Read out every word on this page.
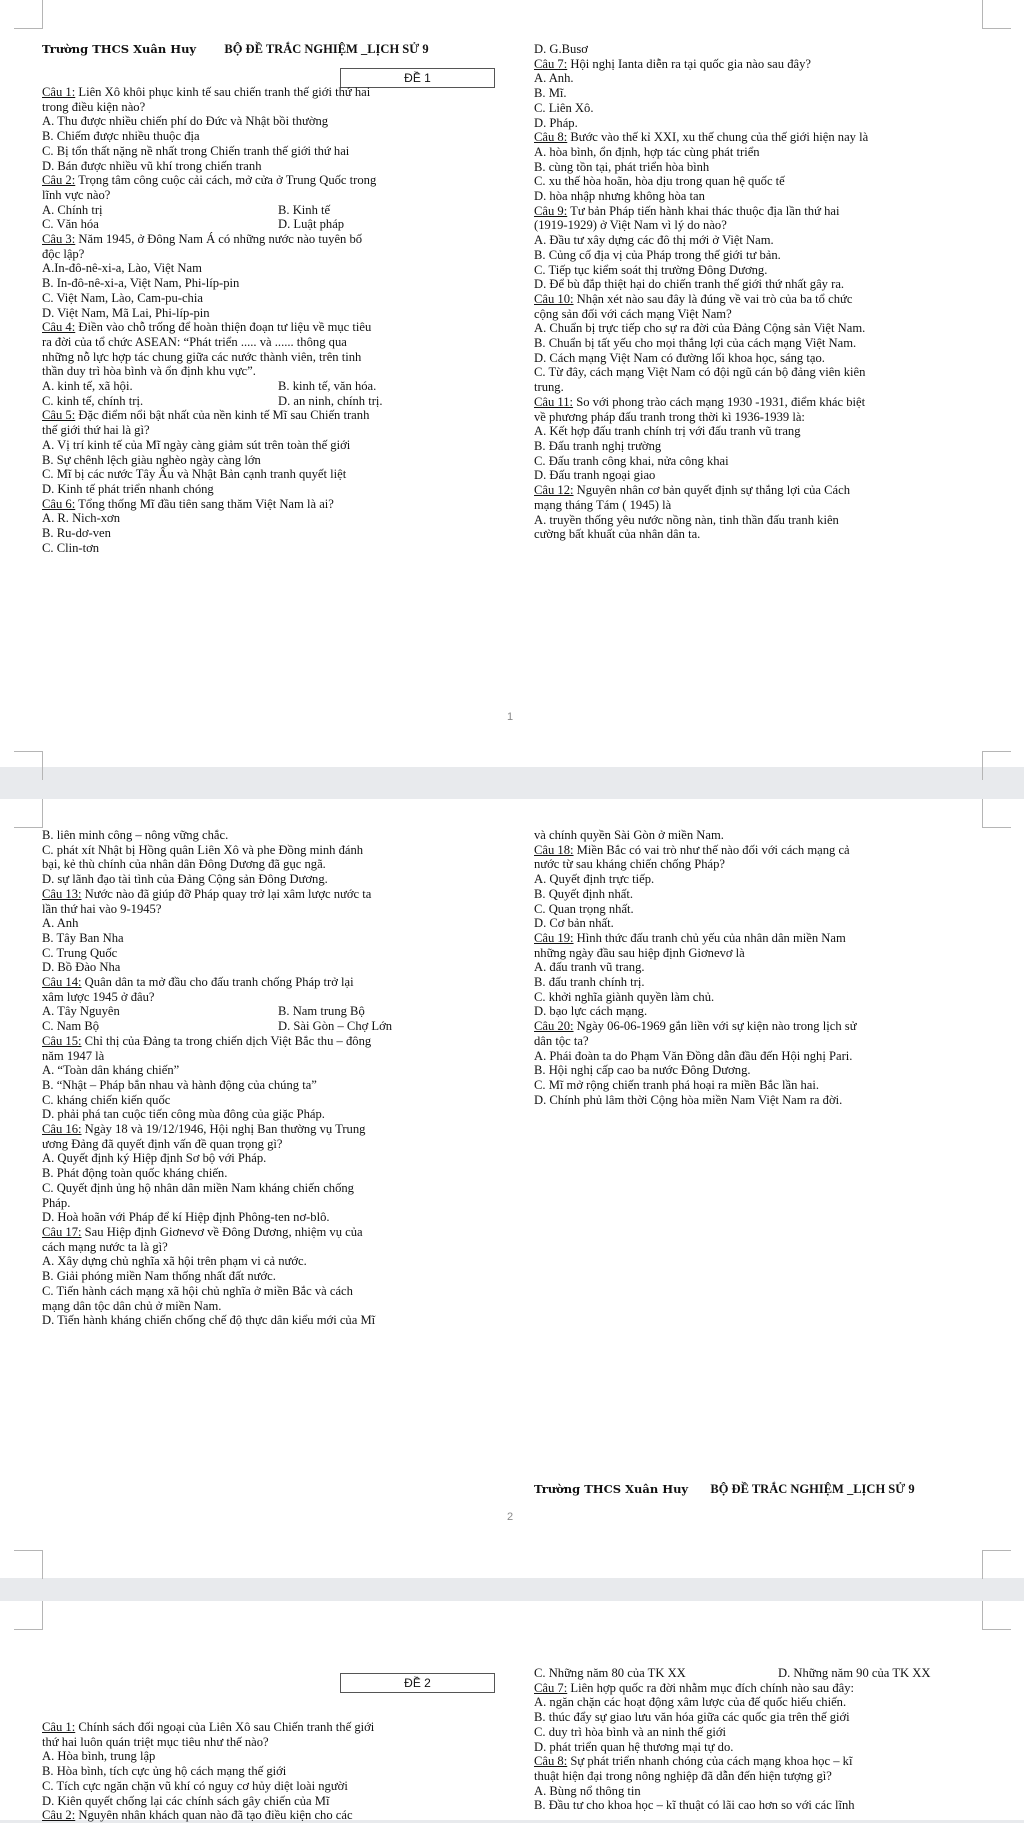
Trường THCS Xuân Huy BỘ ĐỀ TRẮC NGHIỆM _LỊCH SỬ 9
ĐỀ 1
Câu 1: Liên Xô khôi phục kinh tế sau chiến tranh thế giới thứ hai
trong điều kiện nào?
A. Thu được nhiều chiến phí do Đức và Nhật bồi thường
B. Chiếm được nhiều thuộc địa
C. Bị tổn thất nặng nề nhất trong Chiến tranh thế giới thứ hai
D. Bán được nhiều vũ khí trong chiến tranh
Câu 2: Trọng tâm công cuộc cải cách, mở cửa ở Trung Quốc trong
lĩnh vực nào?
A. Chính trị	B. Kinh tế
C. Văn hóa	D. Luật pháp
Câu 3: Năm 1945, ở Đông Nam Á có những nước nào tuyên bố
độc lập?
A.In-đô-nê-xi-a, Lào, Việt Nam
B. In-đô-nê-xi-a, Việt Nam, Phi-líp-pin
C. Việt Nam, Lào, Cam-pu-chia
D. Việt Nam, Mã Lai, Phi-líp-pin
Câu 4: Điền vào chỗ trống để hoàn thiện đoạn tư liệu về mục tiêu
ra đời của tổ chức ASEAN: “Phát triển ..... và ...... thông qua
những nỗ lực hợp tác chung giữa các nước thành viên, trên tinh
thần duy trì hòa bình và ổn định khu vực”.
A. kinh tế, xã hội.	B. kinh tế, văn hóa.
C. kinh tế, chính trị.	D. an ninh, chính trị.
Câu 5: Đặc điểm nổi bật nhất của nền kinh tế Mĩ sau Chiến tranh
thế giới thứ hai là gì?
A. Vị trí kinh tế của Mĩ ngày càng giảm sút trên toàn thế giới
B. Sự chênh lệch giàu nghèo ngày càng lớn
C. Mĩ bị các nước Tây Âu và Nhật Bản cạnh tranh quyết liệt
D. Kinh tế phát triển nhanh chóng
Câu 6: Tổng thống Mĩ đầu tiên sang thăm Việt Nam là ai?
A. R. Nich-xơn
B. Ru-dơ-ven
C. Clin-tơn
D. G.Busơ
Câu 7: Hội nghị Ianta diễn ra tại quốc gia nào sau đây?
A. Anh.
B. Mĩ.
C. Liên Xô.
D. Pháp.
Câu 8: Bước vào thế kỉ XXI, xu thế chung của thế giới hiện nay là
A. hòa bình, ổn định, hợp tác cùng phát triển
B. cùng tồn tại, phát triển hòa bình
C. xu thế hòa hoãn, hòa dịu trong quan hệ quốc tế
D. hòa nhập nhưng không hòa tan
Câu 9: Tư bản Pháp tiến hành khai thác thuộc địa lần thứ hai
(1919-1929) ở Việt Nam vì lý do nào?
A. Đầu tư xây dựng các đô thị mới ở Việt Nam.
B. Củng cố địa vị của Pháp trong thế giới tư bản.
C. Tiếp tục kiểm soát thị trường Đông Dương.
D. Để bù đắp thiệt hại do chiến tranh thế giới thứ nhất gây ra.
Câu 10: Nhận xét nào sau đây là đúng về vai trò của ba tổ chức
cộng sản đối với cách mạng Việt Nam?
A. Chuẩn bị trực tiếp cho sự ra đời của Đảng Cộng sản Việt Nam.
B. Chuẩn bị tất yếu cho mọi thắng lợi của cách mạng Việt Nam.
D. Cách mạng Việt Nam có đường lối khoa học, sáng tạo.
C. Từ đây, cách mạng Việt Nam có đội ngũ cán bộ đảng viên kiên
trung.
Câu 11: So với phong trào cách mạng 1930 -1931, điểm khác biệt
về phương pháp đấu tranh trong thời kì 1936-1939 là:
A. Kết hợp đấu tranh chính trị với đấu tranh vũ trang
B. Đấu tranh nghị trường
C. Đấu tranh công khai, nửa công khai
D. Đấu tranh ngoại giao
Câu 12: Nguyên nhân cơ bản quyết định sự thắng lợi của Cách
mạng tháng Tám ( 1945) là
A. truyền thống yêu nước nồng nàn, tinh thần đấu tranh kiên
cường bất khuất của nhân dân ta.
1
B. liên minh công – nông vững chắc.
C. phát xít Nhật bị Hồng quân Liên Xô và phe Đồng minh đánh
bại, kẻ thù chính của nhân dân Đông Dương đã gục ngã.
D. sự lãnh đạo tài tình của Đảng Cộng sản Đông Dương.
Câu 13: Nước nào đã giúp đỡ Pháp quay trở lại xâm lược nước ta
lần thứ hai vào 9-1945?
A. Anh
B. Tây Ban Nha
C. Trung Quốc
D. Bồ Đào Nha
Câu 14: Quân dân ta mở đầu cho đấu tranh chống Pháp trở lại
xâm lược 1945 ở đâu?
A. Tây Nguyên	B. Nam trung Bộ
C. Nam Bộ	D. Sài Gòn – Chợ Lớn
Câu 15: Chỉ thị của Đảng ta trong chiến dịch Việt Bắc thu – đông
năm 1947 là
A. “Toàn dân kháng chiến”
B. “Nhật – Pháp bắn nhau và hành động của chúng ta”
C. kháng chiến kiến quốc
D. phải phá tan cuộc tiến công mùa đông của giặc Pháp.
Câu 16: Ngày 18 và 19/12/1946, Hội nghị Ban thường vụ Trung
ương Đảng đã quyết định vấn đề quan trọng gì?
A. Quyết định ký Hiệp định Sơ bộ với Pháp.
B. Phát động toàn quốc kháng chiến.
C. Quyết định ủng hộ nhân dân miền Nam kháng chiến chống
Pháp.
D. Hoà hoãn với Pháp để kí Hiệp định Phông-ten nơ-blô.
Câu 17: Sau Hiệp định Giơnevơ về Đông Dương, nhiệm vụ của
cách mạng nước ta là gì?
A. Xây dựng chủ nghĩa xã hội trên phạm vi cả nước.
B. Giải phóng miền Nam thống nhất đất nước.
C. Tiến hành cách mạng xã hội chủ nghĩa ở miền Bắc và cách
mạng dân tộc dân chủ ở miền Nam.
D. Tiến hành kháng chiến chống chế độ thực dân kiểu mới của Mĩ
và chính quyền Sài Gòn ở miền Nam.
Câu 18: Miền Bắc có vai trò như thế nào đối với cách mạng cả
nước từ sau kháng chiến chống Pháp?
A. Quyết định trực tiếp.
B. Quyết định nhất.
C. Quan trọng nhất.
D. Cơ bản nhất.
Câu 19: Hình thức đấu tranh chủ yếu của nhân dân miền Nam
những ngày đầu sau hiệp định Giơnevơ là
A. đấu tranh vũ trang.
B. đấu tranh chính trị.
C. khởi nghĩa giành quyền làm chủ.
D. bạo lực cách mạng.
Câu 20: Ngày 06-06-1969 gắn liền với sự kiện nào trong lịch sử
dân tộc ta?
A. Phái đoàn ta do Phạm Văn Đồng dẫn đầu đến Hội nghị Pari.
B. Hội nghị cấp cao ba nước Đông Dương.
C. Mĩ mở rộng chiến tranh phá hoại ra miền Bắc lần hai.
D. Chính phủ lâm thời Cộng hòa miền Nam Việt Nam ra đời.
Trường THCS Xuân Huy BỘ ĐỀ TRẮC NGHIỆM _LỊCH SỬ 9
2
ĐỀ 2
Câu 1: Chính sách đối ngoại của Liên Xô sau Chiến tranh thế giới
thứ hai luôn quán triệt mục tiêu như thế nào?
A. Hòa bình, trung lập
B. Hòa bình, tích cực ủng hộ cách mạng thế giới
C. Tích cực ngăn chặn vũ khí có nguy cơ hủy diệt loài người
D. Kiên quyết chống lại các chính sách gây chiến của Mĩ
Câu 2: Nguyên nhân khách quan nào đã tạo điều kiện cho các
C. Những năm 80 của TK XX	D. Những năm 90 của TK XX
Câu 7: Liên hợp quốc ra đời nhằm mục đích chính nào sau đây:
A. ngăn chặn các hoạt động xâm lược của đế quốc hiếu chiến.
B. thúc đẩy sự giao lưu văn hóa giữa các quốc gia trên thế giới
C. duy trì hòa bình và an ninh thế giới
D. phát triển quan hệ thương mại tự do.
Câu 8: Sự phát triển nhanh chóng của cách mạng khoa học – kĩ
thuật hiện đại trong nông nghiệp đã dẫn đến hiện tượng gì?
A. Bùng nổ thông tin
B. Đầu tư cho khoa học – kĩ thuật có lãi cao hơn so với các lĩnh
